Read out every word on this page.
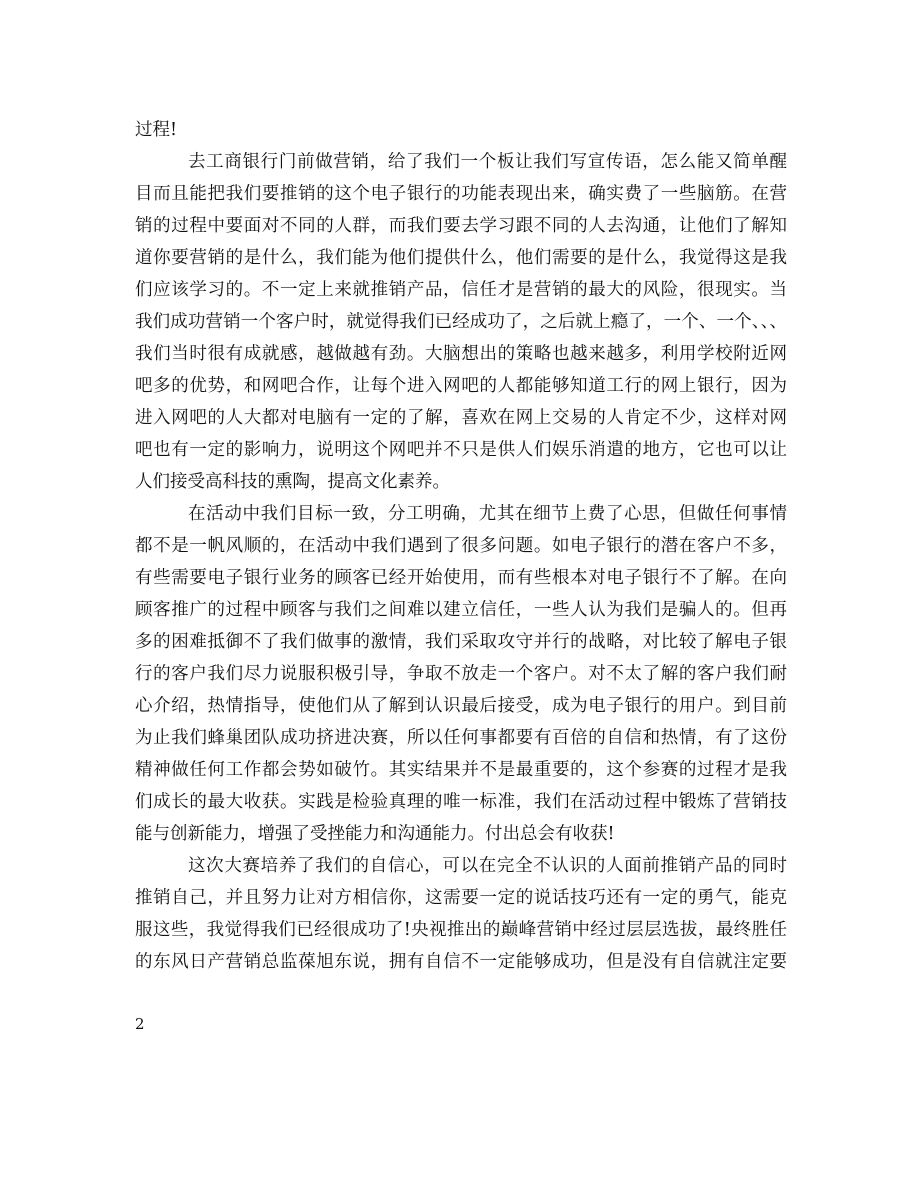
过程!
去工商银行门前做营销，给了我们一个板让我们写宣传语，怎么能又简单醒
目而且能把我们要推销的这个电子银行的功能表现出来，确实费了一些脑筋。在营
销的过程中要面对不同的人群，而我们要去学习跟不同的人去沟通，让他们了解知
道你要营销的是什么，我们能为他们提供什么，他们需要的是什么，我觉得这是我
们应该学习的。不一定上来就推销产品，信任才是营销的最大的风险，很现实。当
我们成功营销一个客户时，就觉得我们已经成功了，之后就上瘾了，一个、一个、、、
我们当时很有成就感，越做越有劲。大脑想出的策略也越来越多，利用学校附近网
吧多的优势，和网吧合作，让每个进入网吧的人都能够知道工行的网上银行，因为
进入网吧的人大都对电脑有一定的了解，喜欢在网上交易的人肯定不少，这样对网
吧也有一定的影响力，说明这个网吧并不只是供人们娱乐消遣的地方，它也可以让
人们接受高科技的熏陶，提高文化素养。
在活动中我们目标一致，分工明确，尤其在细节上费了心思，但做任何事情
都不是一帆风顺的，在活动中我们遇到了很多问题。如电子银行的潜在客户不多，
有些需要电子银行业务的顾客已经开始使用，而有些根本对电子银行不了解。在向
顾客推广的过程中顾客与我们之间难以建立信任，一些人认为我们是骗人的。但再
多的困难抵御不了我们做事的激情，我们采取攻守并行的战略，对比较了解电子银
行的客户我们尽力说服积极引导，争取不放走一个客户。对不太了解的客户我们耐
心介绍，热情指导，使他们从了解到认识最后接受，成为电子银行的用户。到目前
为止我们蜂巢团队成功挤进决赛，所以任何事都要有百倍的自信和热情，有了这份
精神做任何工作都会势如破竹。其实结果并不是最重要的，这个参赛的过程才是我
们成长的最大收获。实践是检验真理的唯一标准，我们在活动过程中锻炼了营销技
能与创新能力，增强了受挫能力和沟通能力。付出总会有收获!
这次大赛培养了我们的自信心，可以在完全不认识的人面前推销产品的同时
推销自己，并且努力让对方相信你，这需要一定的说话技巧还有一定的勇气，能克
服这些，我觉得我们已经很成功了!央视推出的巅峰营销中经过层层选拔，最终胜任
的东风日产营销总监葆旭东说，拥有自信不一定能够成功，但是没有自信就注定要
2
